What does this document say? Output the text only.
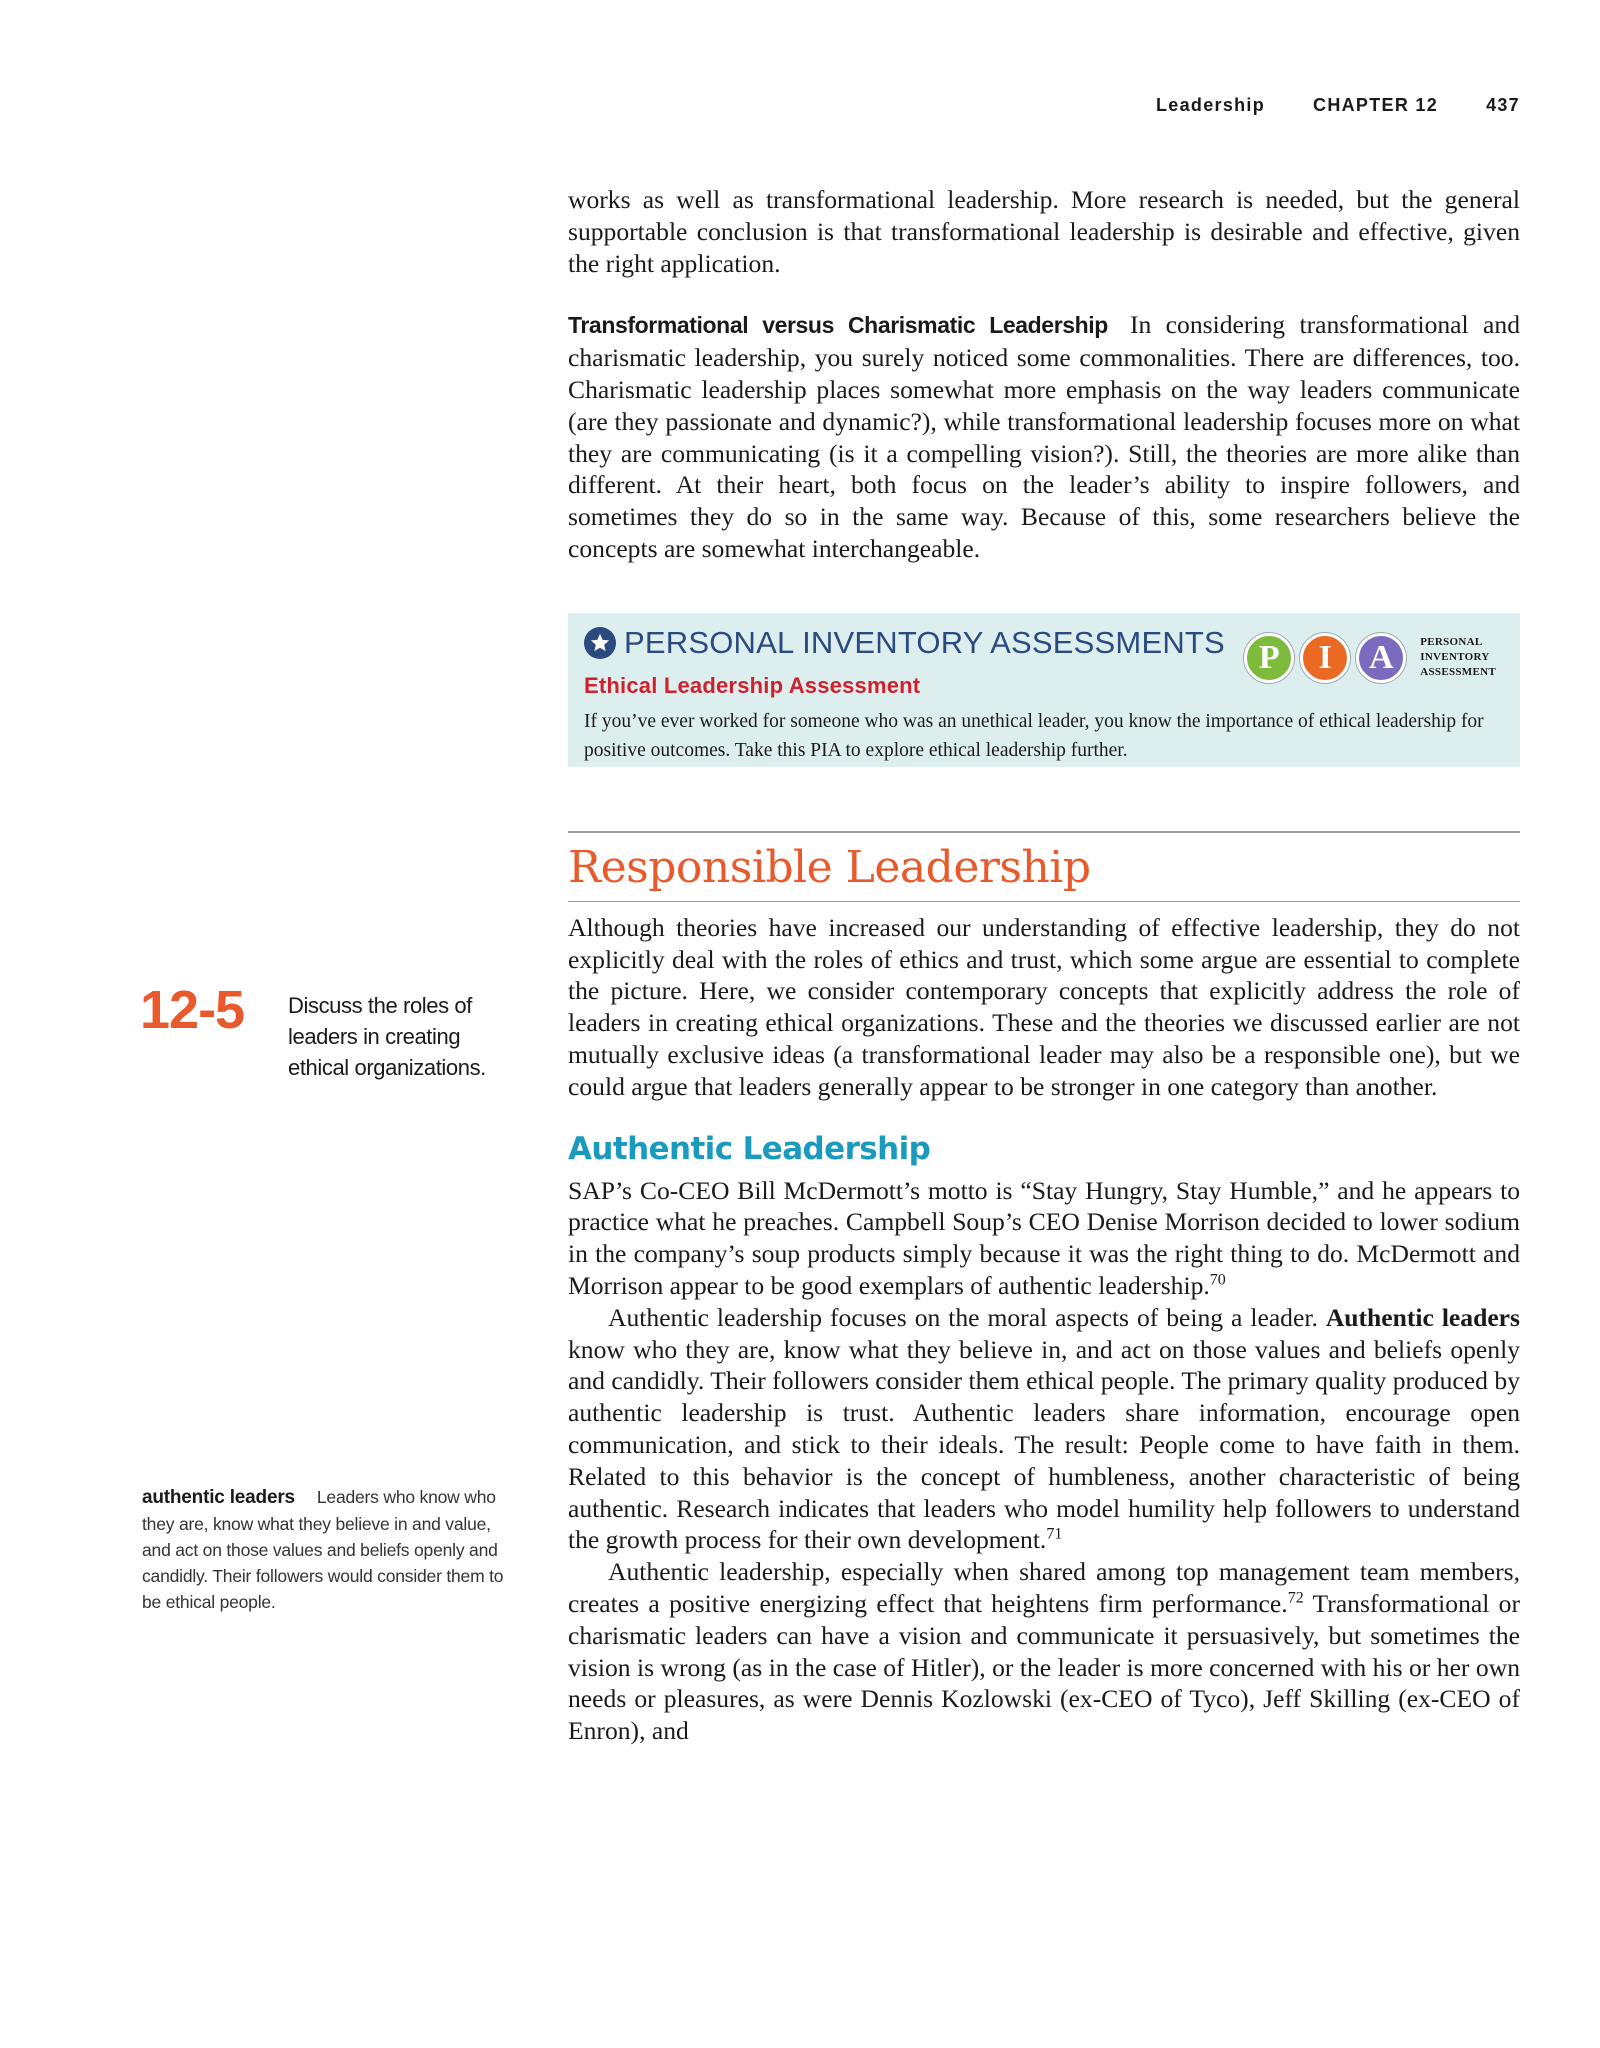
Leadership	CHAPTER 12	437
12-5 Discuss the roles of leaders in creating ethical organizations.
authentic leaders Leaders who know who they are, know what they believe in and value, and act on those values and beliefs openly and candidly. Their followers would consider them to be ethical people.

works as well as transformational leadership. More research is needed, but the general supportable conclusion is that transformational leadership is desirable and effective, given the right application.

Transformational versus Charismatic Leadership In considering transformational and charismatic leadership, you surely noticed some commonalities. There are differences, too. Charismatic leadership places somewhat more emphasis on the way leaders communicate (are they passionate and dynamic?), while transformational leadership focuses more on what they are communicating (is it a compelling vision?). Still, the theories are more alike than different. At their heart, both focus on the leader’s ability to inspire followers, and sometimes they do so in the same way. Because of this, some researchers believe the concepts are somewhat interchangeable.

PERSONAL INVENTORY ASSESSMENTS P	I	A	PERSONAL
INVENTORY
ASSESSMENT
Ethical Leadership Assessment
If you’ve ever worked for someone who was an unethical leader, you know the importance of ethical leadership for positive outcomes. Take this PIA to explore ethical leadership further.
Responsible Leadership

Although theories have increased our understanding of effective leadership, they do not explicitly deal with the roles of ethics and trust, which some argue are essential to complete the picture. Here, we consider contemporary concepts that explicitly address the role of leaders in creating ethical organizations. These and the theories we discussed earlier are not mutually exclusive ideas (a transformational leader may also be a responsible one), but we could argue that leaders generally appear to be stronger in one category than another.

Authentic Leadership

SAP’s Co-CEO Bill McDermott’s motto is “Stay Hungry, Stay Humble,” and he appears to practice what he preaches. Campbell Soup’s CEO Denise Morrison decided to lower sodium in the company’s soup products simply because it was the right thing to do. McDermott and Morrison appear to be good exemplars of authentic leadership.$^{70}$

Authentic leadership focuses on the moral aspects of being a leader. Authentic leaders know who they are, know what they believe in, and act on those values and beliefs openly and candidly. Their followers consider them ethical people. The primary quality produced by authentic leadership is trust. Authentic leaders share information, encourage open communication, and stick to their ideals. The result: People come to have faith in them. Related to this behavior is the concept of humbleness, another characteristic of being authentic. Research indicates that leaders who model humility help followers to understand the growth process for their own development.$^{71}$

Authentic leadership, especially when shared among top management team members, creates a positive energizing effect that heightens firm performance.$^{72}$ Transformational or charismatic leaders can have a vision and communicate it persuasively, but sometimes the vision is wrong (as in the case of Hitler), or the leader is more concerned with his or her own needs or pleasures, as were Dennis Kozlowski (ex-CEO of Tyco), Jeff Skilling (ex-CEO of Enron), and
